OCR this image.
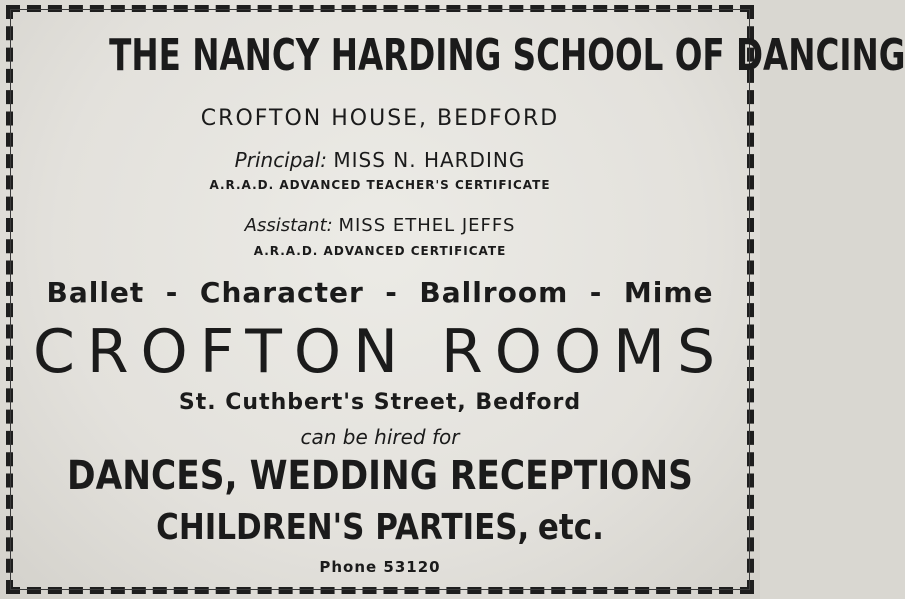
THE NANCY HARDING SCHOOL OF DANCING
CROFTON HOUSE, BEDFORD
Principal: MISS N. HARDING
A.R.A.D. ADVANCED TEACHER'S CERTIFICATE
Assistant: MISS ETHEL JEFFS
A.R.A.D. ADVANCED CERTIFICATE
Ballet  -  Character  -  Ballroom  -  Mime
CROFTON ROOMS
St. Cuthbert's Street, Bedford
can be hired for
DANCES, WEDDING RECEPTIONS
CHILDREN'S PARTIES, etc.
Phone 53120
